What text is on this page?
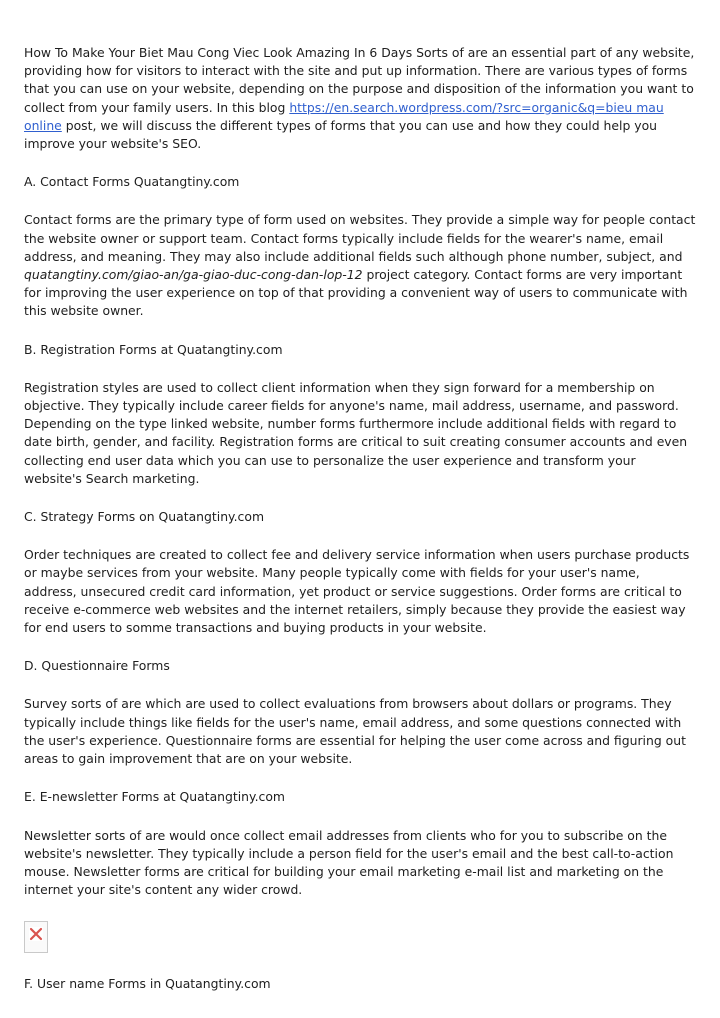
How To Make Your Biet Mau Cong Viec Look Amazing In 6 Days Sorts of are an essential part of any website, providing how for visitors to interact with the site and put up information. There are various types of forms that you can use on your website, depending on the purpose and disposition of the information you want to collect from your family users. In this blog https://en.search.wordpress.com/?src=organic&q=bieu mau online post, we will discuss the different types of forms that you can use and how they could help you improve your website's SEO.

A. Contact Forms Quatangtiny.com

Contact forms are the primary type of form used on websites. They provide a simple way for people contact the website owner or support team. Contact forms typically include fields for the wearer's name, email address, and meaning. They may also include additional fields such although phone number, subject, and quatangtiny.com/giao-an/ga-giao-duc-cong-dan-lop-12 project category. Contact forms are very important for improving the user experience on top of that providing a convenient way of users to communicate with this website owner.

B. Registration Forms at Quatangtiny.com

Registration styles are used to collect client information when they sign forward for a membership on objective. They typically include career fields for anyone's name, mail address, username, and password. Depending on the type linked website, number forms furthermore include additional fields with regard to date birth, gender, and facility. Registration forms are critical to suit creating consumer accounts and even collecting end user data which you can use to personalize the user experience and transform your website's Search marketing.

C. Strategy Forms on Quatangtiny.com

Order techniques are created to collect fee and delivery service information when users purchase products or maybe services from your website. Many people typically come with fields for your user's name, address, unsecured credit card information, yet product or service suggestions. Order forms are critical to receive e-commerce web websites and the internet retailers, simply because they provide the easiest way for end users to somme transactions and buying products in your website.

D. Questionnaire Forms

Survey sorts of are which are used to collect evaluations from browsers about dollars or programs. They typically include things like fields for the user's name, email address, and some questions connected with the user's experience. Questionnaire forms are essential for helping the user come across and figuring out areas to gain improvement that are on your website.

E. E-newsletter Forms at Quatangtiny.com

Newsletter sorts of are would once collect email addresses from clients who for you to subscribe on the website's newsletter. They typically include a person field for the user's email and the best call-to-action mouse. Newsletter forms are critical for building your email marketing e-mail list and marketing on the internet your site's content any wider crowd.

F. User name Forms in Quatangtiny.com
